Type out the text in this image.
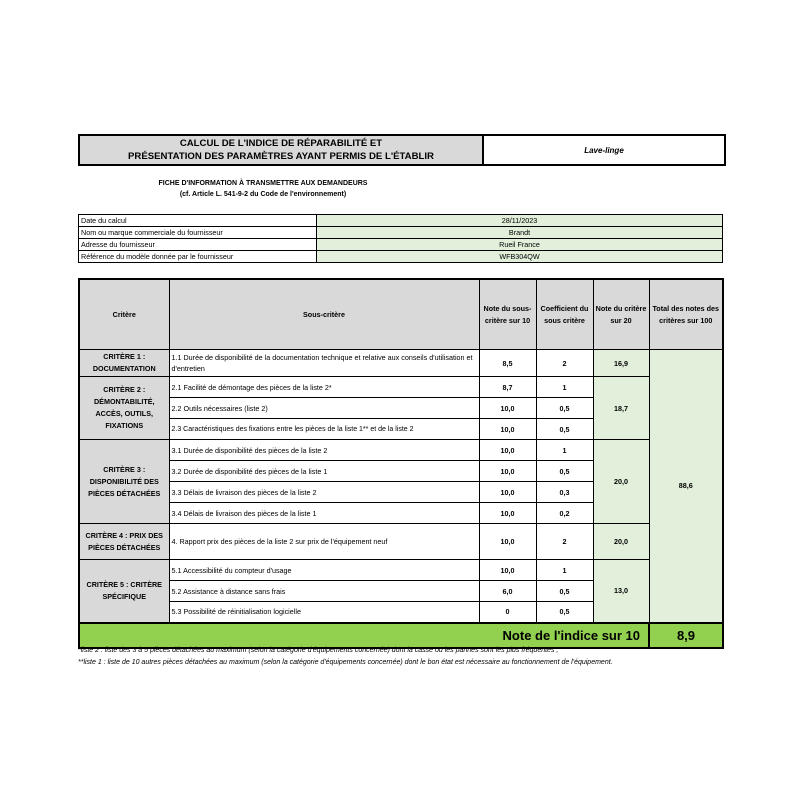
CALCUL DE L'INDICE DE RÉPARABILITÉ ET
PRÉSENTATION DES PARAMÈTRES AYANT PERMIS DE L'ÉTABLIR
Lave-linge
FICHE D'INFORMATION À TRANSMETTRE AUX DEMANDEURS
(cf. Article L. 541-9-2 du Code de l'environnement)
Date du calcul	28/11/2023
Nom ou marque commerciale du fournisseur	Brandt
Adresse du fournisseur	Rueil France
Référence du modèle donnée par le fournisseur	WFB304QW
Critère	Sous-critère	Note du sous-critère sur 10	Coefficient du sous critère	Note du critère sur 20	Total des notes des critères sur 100
CRITÈRE 1 : DOCUMENTATION	1.1 Durée de disponibilité de la documentation technique et relative aux conseils d'utilisation et d'entretien	8,5	2	16,9	88,6
CRITÈRE 2 : DÉMONTABILITÉ, ACCÈS, OUTILS, FIXATIONS	2.1 Facilité de démontage des pièces de la liste 2*	8,7	1	18,7	
	2.2 Outils nécessaires (liste 2)	10,0	0,5		
	2.3 Caractéristiques des fixations entre les pièces de la liste 1** et de la liste 2	10,0	0,5		
CRITÈRE 3 : DISPONIBILITÉ DES PIÈCES DÉTACHÉES	3.1 Durée de disponibilité des pièces de la liste 2	10,0	1	20,0	
	3.2 Durée de disponibilité des pièces de la liste 1	10,0	0,5		
	3.3 Délais de livraison des pièces de la liste 2	10,0	0,3		
	3.4 Délais de livraison des pièces de la liste 1	10,0	0,2		
CRITÈRE 4 : PRIX DES PIÈCES DÉTACHÉES	4. Rapport prix des pièces de la liste 2 sur prix de l'équipement neuf	10,0	2	20,0	
CRITÈRE 5 : CRITÈRE SPÉCIFIQUE	5.1 Accessibilité du compteur d'usage	10,0	1	13,0	
	5.2 Assistance à distance sans frais	6,0	0,5		
	5.3 Possibilité de réinitialisation logicielle	0	0,5		
Note de l'indice sur 10					8,9
*liste 2 : liste des 3 à 5 pièces détachées au maximum (selon la catégorie d'équipements concernée) dont la casse ou les pannes sont les plus fréquentes ;
**liste 1 : liste de 10 autres pièces détachées au maximum (selon la catégorie d'équipements concernée) dont le bon état est nécessaire au fonctionnement de l'équipement.
